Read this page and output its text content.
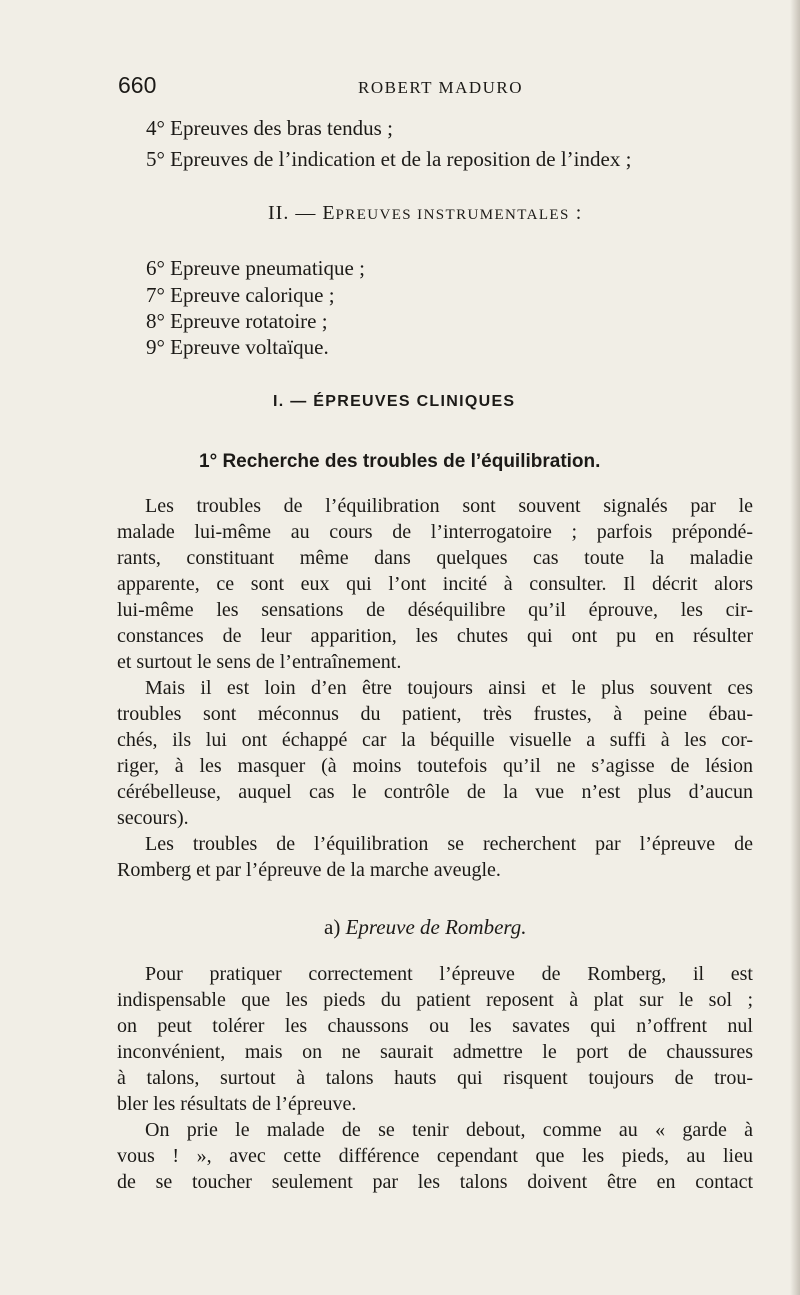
660	ROBERT MADURO
4° Epreuves des bras tendus ;
5° Epreuves de l’indication et de la reposition de l’index ;
II. — EPREUVES INSTRUMENTALES :
6° Epreuve pneumatique ;
7° Epreuve calorique ;
8° Epreuve rotatoire ;
9° Epreuve voltaïque.
I. — ÉPREUVES CLINIQUES
1° Recherche des troubles de l’équilibration.
Les troubles de l’équilibration sont souvent signalés par le
malade lui-même au cours de l’interrogatoire ; parfois prépondé-
rants, constituant même dans quelques cas toute la maladie
apparente, ce sont eux qui l’ont incité à consulter. Il décrit alors
lui-même les sensations de déséquilibre qu’il éprouve, les cir-
constances de leur apparition, les chutes qui ont pu en résulter
et surtout le sens de l’entraînement.
Mais il est loin d’en être toujours ainsi et le plus souvent ces
troubles sont méconnus du patient, très frustes, à peine ébau-
chés, ils lui ont échappé car la béquille visuelle a suffi à les cor-
riger, à les masquer (à moins toutefois qu’il ne s’agisse de lésion
cérébelleuse, auquel cas le contrôle de la vue n’est plus d’aucun
secours).
Les troubles de l’équilibration se recherchent par l’épreuve de
Romberg et par l’épreuve de la marche aveugle.
a) Epreuve de Romberg.
Pour pratiquer correctement l’épreuve de Romberg, il est
indispensable que les pieds du patient reposent à plat sur le sol ;
on peut tolérer les chaussons ou les savates qui n’offrent nul
inconvénient, mais on ne saurait admettre le port de chaussures
à talons, surtout à talons hauts qui risquent toujours de trou-
bler les résultats de l’épreuve.
On prie le malade de se tenir debout, comme au « garde à
vous ! », avec cette différence cependant que les pieds, au lieu
de se toucher seulement par les talons doivent être en contact
